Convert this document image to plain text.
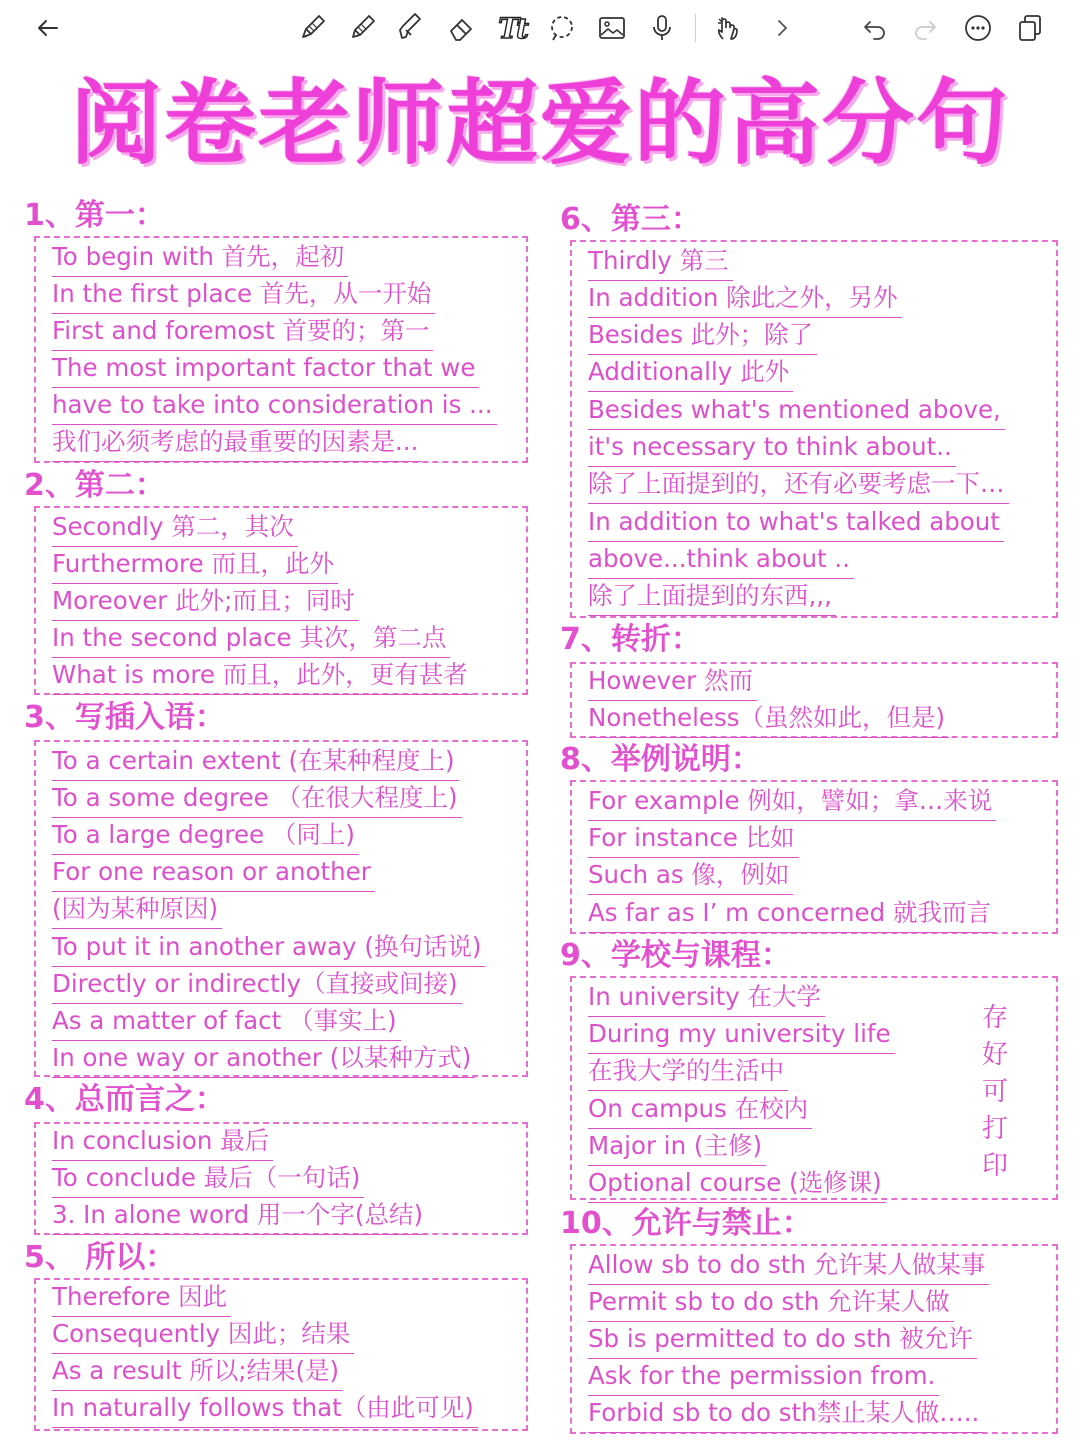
Tt
阅卷老师超爱的高分句
1、第一：
To begin with 首先，起初
In the first place 首先，从一开始
First and foremost 首要的；第一
The most important factor that we
have to take into consideration is ...
我们必须考虑的最重要的因素是...
2、第二：
Secondly 第二，其次
Furthermore 而且，此外
Moreover 此外;而且；同时
In the second place 其次，第二点
What is more 而且，此外，更有甚者
3、写插入语：
To a certain extent (在某种程度上)
To a some degree （在很大程度上)
To a large degree （同上)
For one reason or another
(因为某种原因)
To put it in another away (换句话说)
Directly or indirectly（直接或间接)
As a matter of fact （事实上)
In one way or another (以某种方式)
4、总而言之：
In conclusion 最后
To conclude 最后（一句话)
3. In alone word 用一个字(总结)
5、 所以：
Therefore 因此
Consequently 因此；结果
As a result 所以;结果(是)
In naturally follows that（由此可见)
6、第三：
Thirdly 第三
In addition 除此之外，另外
Besides 此外；除了
Additionally 此外
Besides what's mentioned above,
it's necessary to think about..
除了上面提到的，还有必要考虑一下…
In addition to what's talked about
above...think about ..
除了上面提到的东西,,,
7、转折：
However 然而
Nonetheless（虽然如此，但是)
8、举例说明：
For example 例如，譬如；拿…来说
For instance 比如
Such as 像，例如
As far as I’ m concerned 就我而言
9、学校与课程：
In university 在大学
During my university life
在我大学的生活中
On campus 在校内
Major in (主修)
Optional course (选修课)
存
好
可
打
印
10、允许与禁止：
Allow sb to do sth 允许某人做某事
Permit sb to do sth 允许某人做
Sb is permitted to do sth 被允许
Ask for the permission from.
Forbid sb to do sth禁止某人做…..
